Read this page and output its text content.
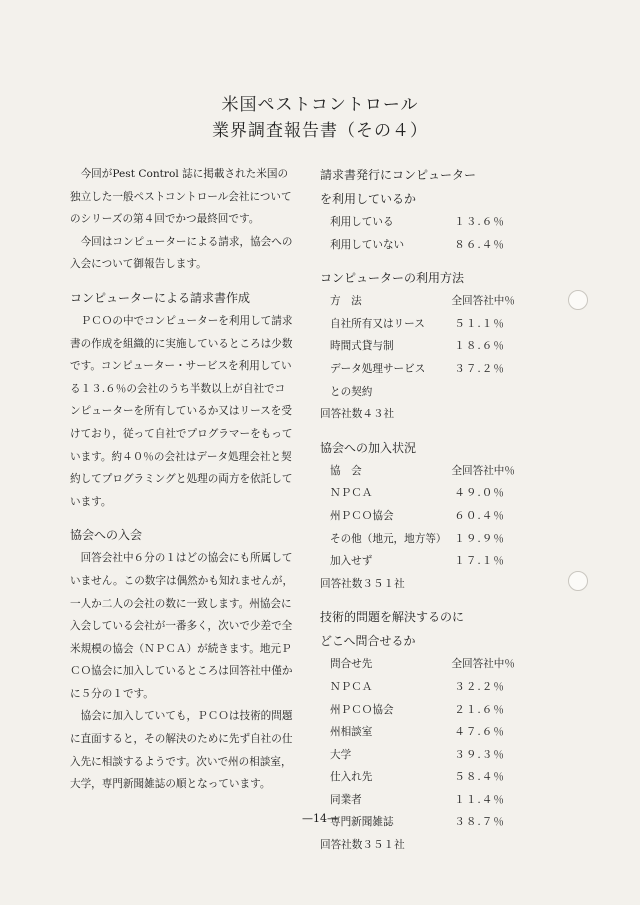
米国ペストコントロール
業界調査報告書（その４）

今回がPest Control 誌に掲載された米国の独立した一般ペストコントロール会社についてのシリーズの第４回でかつ最終回です。

今回はコンピューターによる請求，協会への入会について御報告します。

コンピューターによる請求書作成

ＰＣＯの中でコンピューターを利用して請求書の作成を組織的に実施しているところは少数です。コンピューター・サービスを利用している１３.６％の会社のうち半数以上が自社でコンピューターを所有しているか又はリースを受けており，従って自社でプログラマーをもっています。約４０％の会社はデータ処理会社と契約してプログラミングと処理の両方を依託しています。

協会への入会

回答会社中６分の１はどの協会にも所属していません。この数字は偶然かも知れませんが，一人か二人の会社の数に一致します。州協会に入会している会社が一番多く，次いで少差で全米規模の協会（ＮＰＣＡ）が続きます。地元ＰＣＯ協会に加入しているところは回答社中僅かに５分の１です。

協会に加入していても，ＰＣＯは技術的問題に直面すると，その解決のために先ず自社の仕入先に相談するようです。次いで州の相談室，大学，専門新聞雑誌の順となっています。

請求書発行にコンピューター

を利用しているか

利用している	１３.６％

利用していない	８６.４％

コンピューターの利用方法

方　法	全回答社中％

自社所有又はリース	５１.１％

時間式貸与制	１８.６％

データ処理サービス	３７.２％

との契約

回答社数４３社

協会への加入状況

協　会	全回答社中％

ＮＰＣＡ	４９.０％

州ＰＣＯ協会	６０.４％

その他（地元，地方等） １９.９％

加入せず	１７.１％

回答社数３５１社

技術的問題を解決するのに

どこへ問合せるか

問合せ先	全回答社中％

ＮＰＣＡ	３２.２％

州ＰＣＯ協会	２１.６％

州相談室	４７.６％

大学	３９.３％

仕入れ先	５８.４％

同業者	１１.４％

専門新聞雑誌	３８.７％

回答社数３５１社

—14—
